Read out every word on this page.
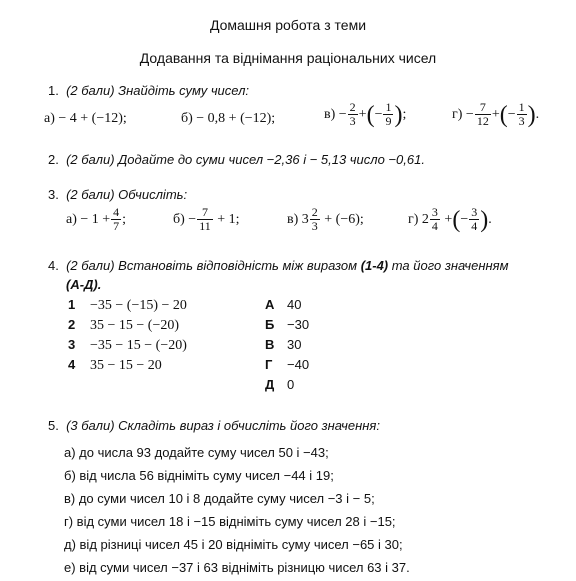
Домашня робота з теми
Додавання та віднімання раціональних чисел
1. (2 бали) Знайдіть суму чисел:
а) − 4 + (−12);	б) − 0,8 + (−12);	$в) - \frac{2}{3}$ + ( − $\frac{1}{9}$ ) ;	$г) - \frac{7}{12}$ + ( − $\frac{1}{3}$ ) .
2. (2 бали) Додайте до суми чисел −2,36 і − 5,13 число −0,61.
3. (2 бали) Обчисліть:
$а) - 1 + \frac{4}{7}$ ;	$б) - \frac{7}{11}$
+ 1;	в) $3 \frac{2}{3}$
+ (−6);	г) $2 \frac{3}{4}$
+ ( − $\frac{3}{4}$ ) .
4. (2 бали) Встановіть відповідність між виразом (1-4) та його значенням
(А-Д).
1 −35 − (−15) − 20
2 35 − 15 − (−20)
3 −35 − 15 − (−20)
4 35 − 15 − 20
А 40
Б −30
В 30
Г −40
Д 0
5. (3 бали) Складіть вираз і обчисліть його значення:
а) до числа 93 додайте суму чисел 50 і −43;
б) від числа 56 відніміть суму чисел −44 і 19;
в) до суми чисел 10 і 8 додайте суму чисел −3 і − 5;
г) від суми чисел 18 і −15 відніміть суму чисел 28 і −15;
д) від різниці чисел 45 і 20 відніміть суму чисел −65 і 30;
е) від суми чисел −37 і 63 відніміть різницю чисел 63 і 37.
